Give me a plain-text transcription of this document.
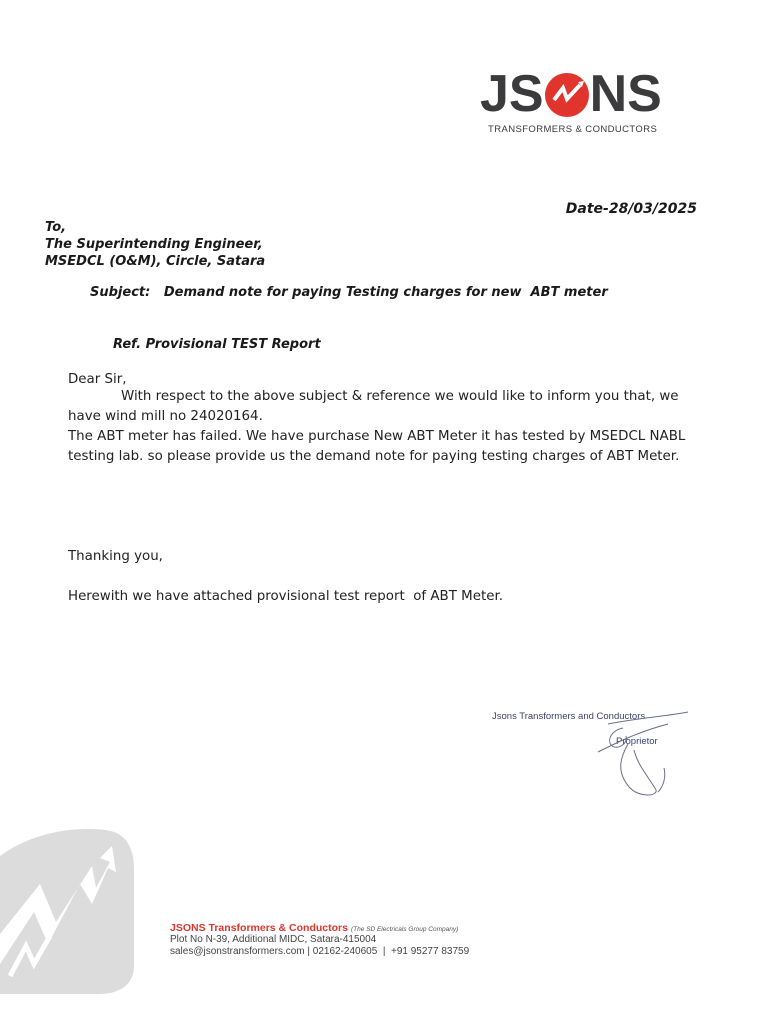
JS NS
TRANSFORMERS & CONDUCTORS
Date-28/03/2025
To,
The Superintending Engineer,
MSEDCL (O&M), Circle, Satara
Subject:   Demand note for paying Testing charges for new  ABT meter
Ref. Provisional TEST Report
Dear Sir,
With respect to the above subject & reference we would like to inform you that, we have wind mill no 24020164.
The ABT meter has failed. We have purchase New ABT Meter it has tested by MSEDCL NABL testing lab. so please provide us the demand note for paying testing charges of ABT Meter.
Thanking you,
Herewith we have attached provisional test report  of ABT Meter.
Jsons Transformers and Conductors
Proprietor
JSONS Transformers & Conductors (The SD Electricals Group Company)
Plot No N-39, Additional MIDC, Satara-415004
sales@jsonstransformers.com | 02162-240605  |  +91 95277 83759
